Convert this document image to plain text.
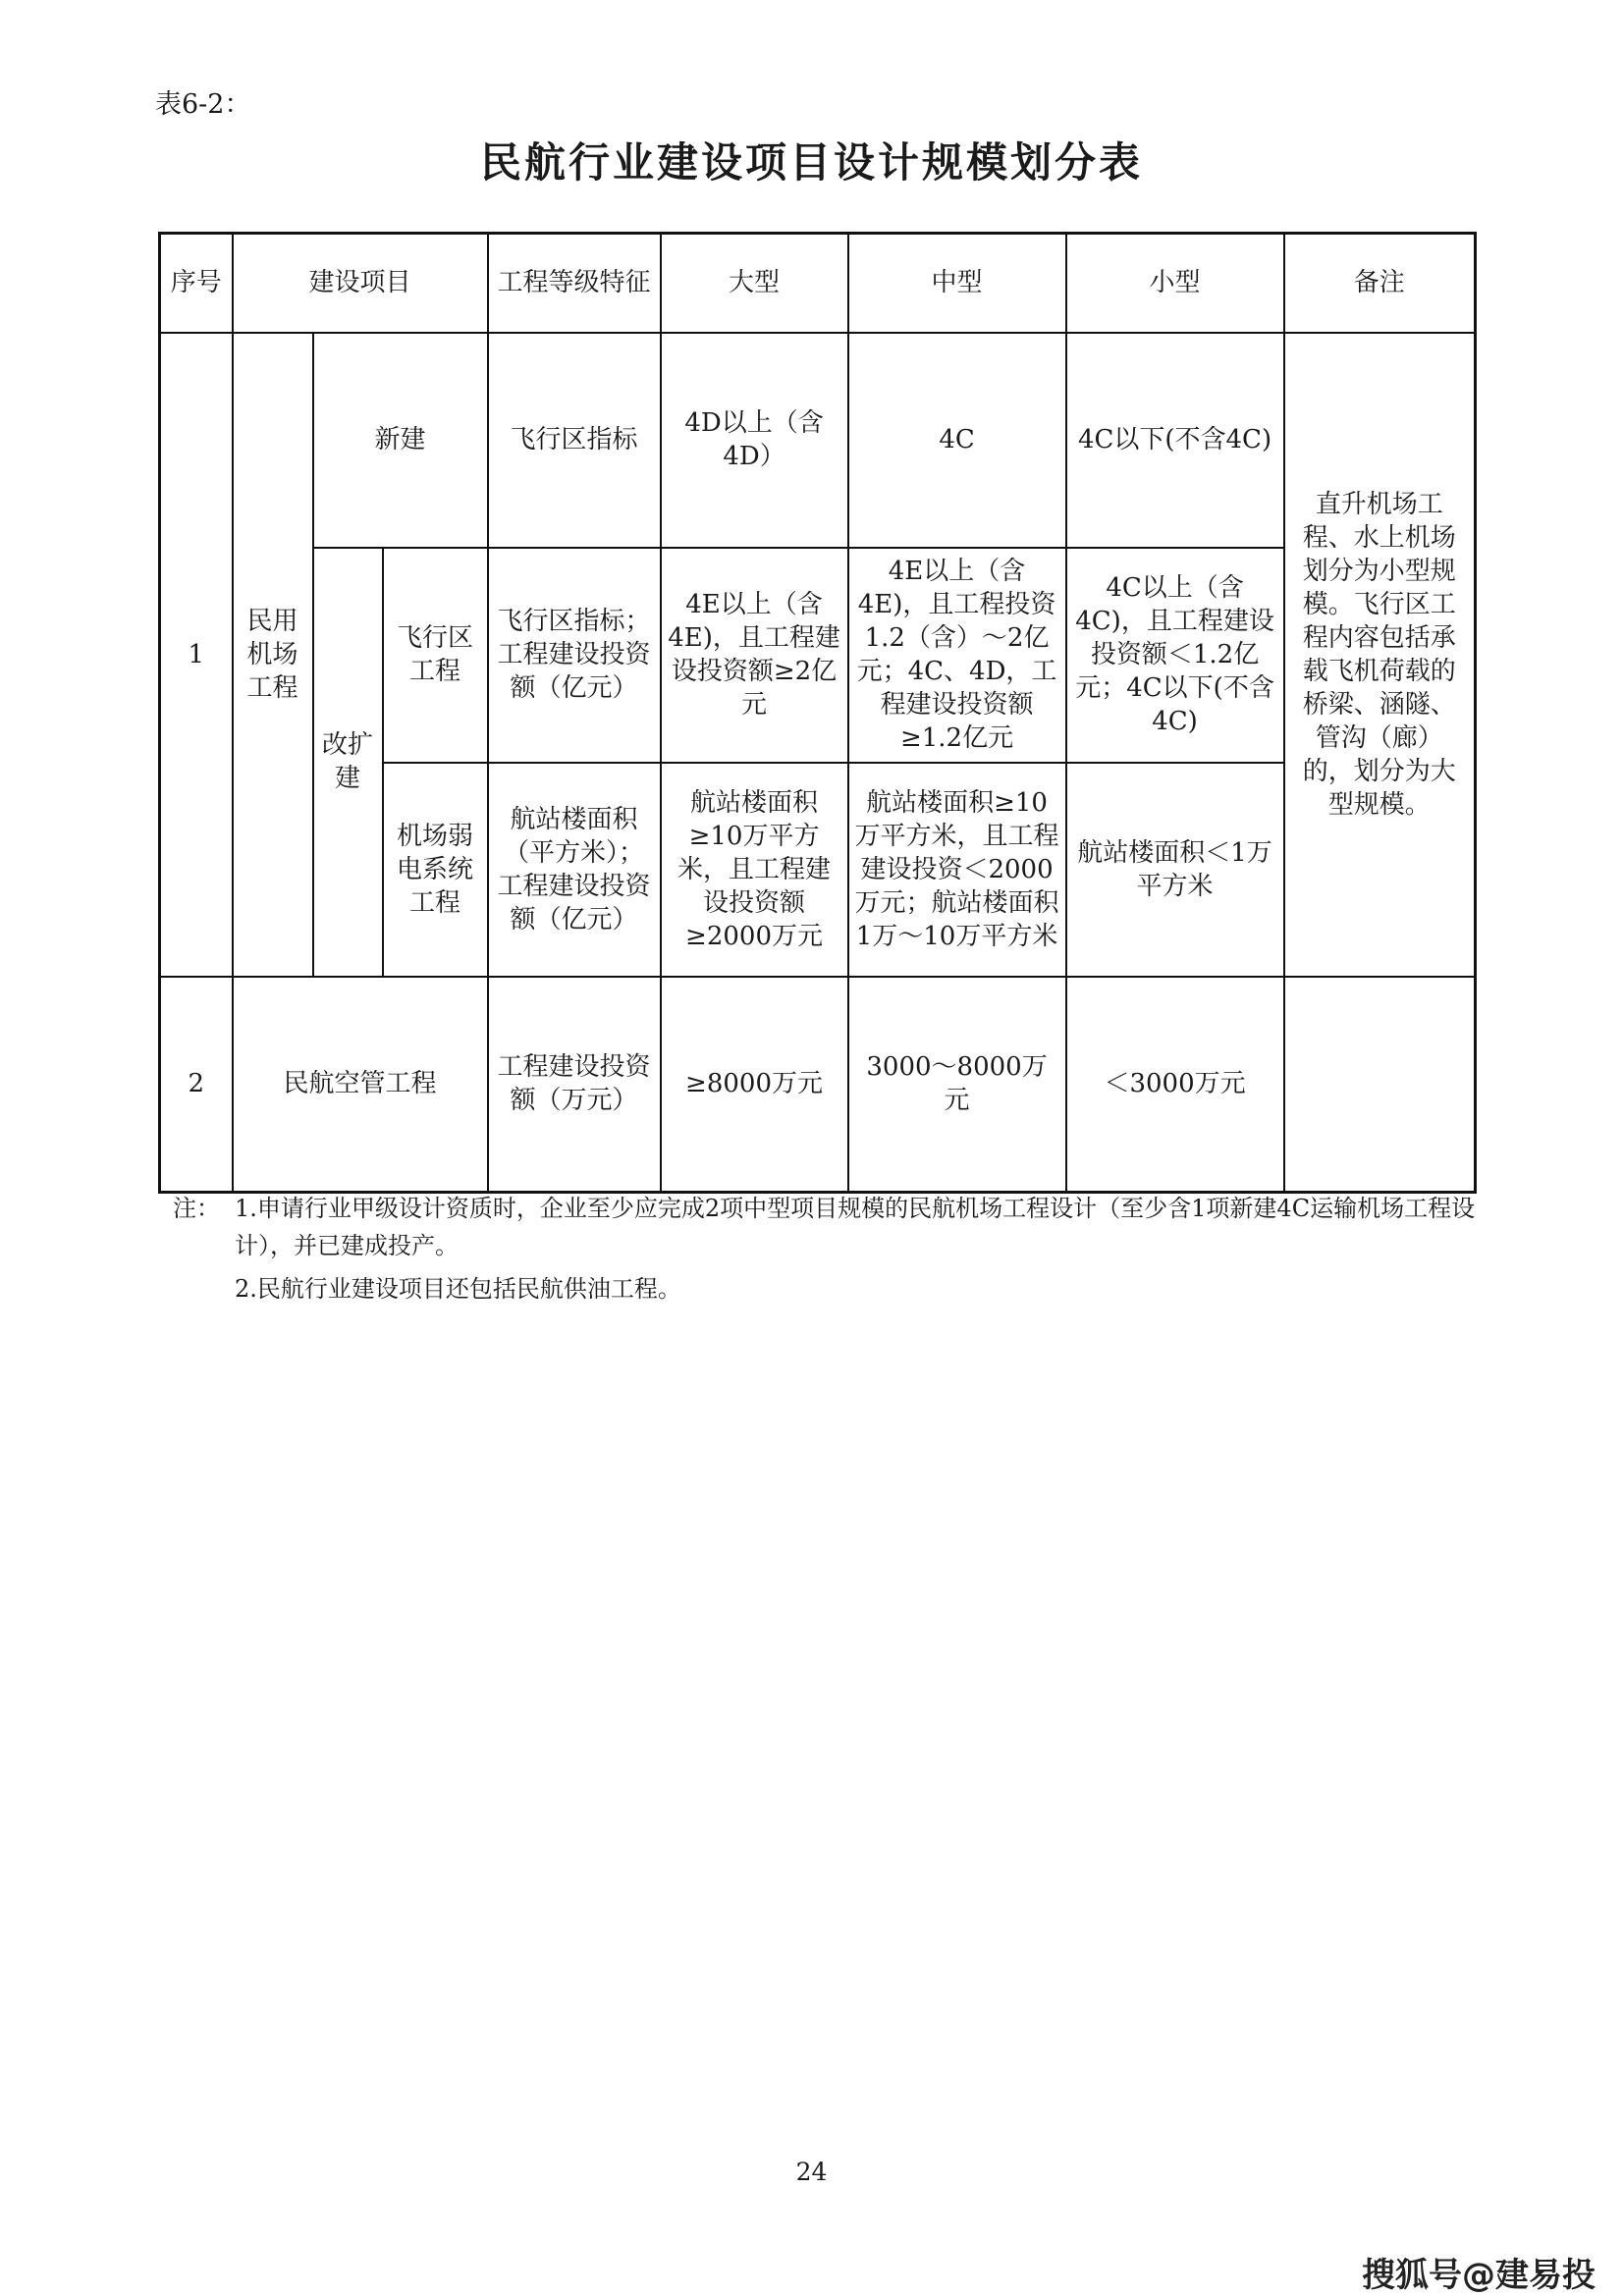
表6-2：
民航行业建设项目设计规模划分表
序号	建设项目			工程等级特征	大型	中型	小型	备注
1	民用机场工程	新建		飞行区指标	4D以上（含4D）	4C	4C以下(不含4C)	直升机场工程、水上机场划分为小型规模。飞行区工程内容包括承载飞机荷载的桥梁、涵隧、管沟（廊）的，划分为大型规模。
		改扩建	飞行区工程	飞行区指标；工程建设投资额（亿元）	4E以上（含4E)，且工程建设投资额≥2亿元	4E以上（含4E)，且工程投资1.2（含）～2亿元；4C、4D，工程建设投资额≥1.2亿元	4C以上（含4C)，且工程建设投资额＜1.2亿元；4C以下(不含4C)	
			机场弱电系统工程	航站楼面积（平方米）；工程建设投资额（亿元）	航站楼面积≥10万平方米，且工程建设投资额≥2000万元	航站楼面积≥10万平方米，且工程建设投资＜2000万元；航站楼面积1万～10万平方米	航站楼面积＜1万平方米	
2	民航空管工程			工程建设投资额（万元）	≥8000万元	3000～8000万元	＜3000万元	
注： 1.申请行业甲级设计资质时，企业至少应完成2项中型项目规模的民航机场工程设计（至少含1项新建4C运输机场工程设计），并已建成投产。
2.民航行业建设项目还包括民航供油工程。
24
搜狐号@建易投
